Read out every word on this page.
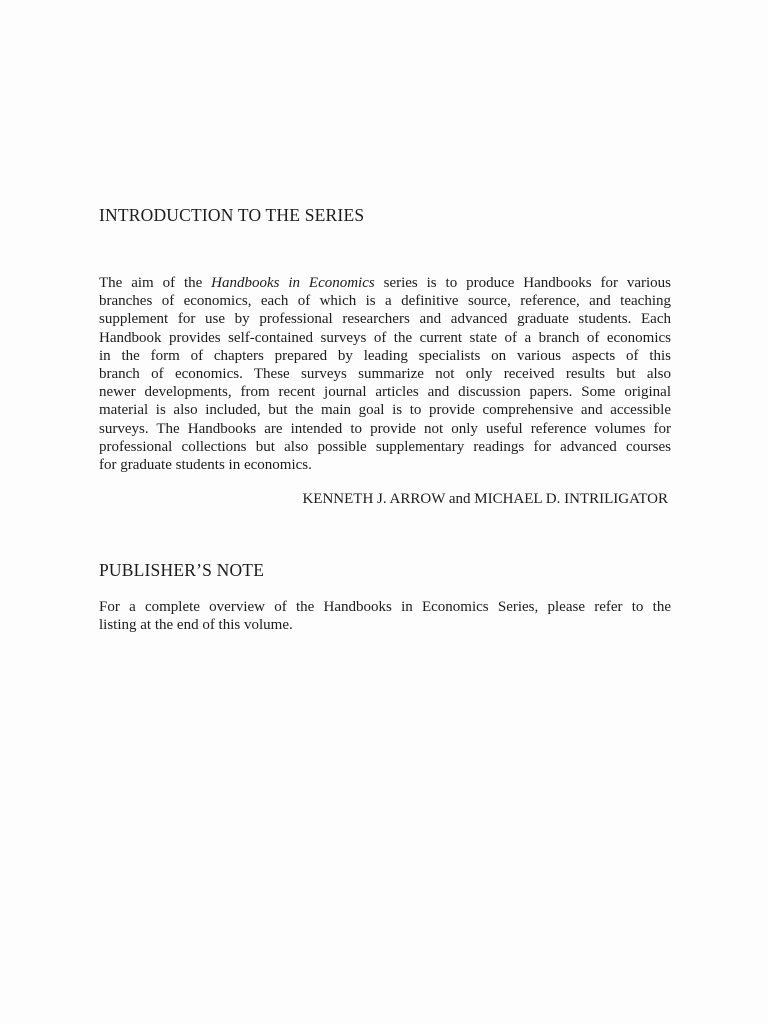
INTRODUCTION TO THE SERIES

The aim of the Handbooks in Economics series is to produce Handbooks for various
branches of economics, each of which is a definitive source, reference, and teaching
supplement for use by professional researchers and advanced graduate students. Each
Handbook provides self-contained surveys of the current state of a branch of economics
in the form of chapters prepared by leading specialists on various aspects of this
branch of economics. These surveys summarize not only received results but also
newer developments, from recent journal articles and discussion papers. Some original
material is also included, but the main goal is to provide comprehensive and accessible
surveys. The Handbooks are intended to provide not only useful reference volumes for
professional collections but also possible supplementary readings for advanced courses
for graduate students in economics.

KENNETH J. ARROW and MICHAEL D. INTRILIGATOR

PUBLISHER’S NOTE

For a complete overview of the Handbooks in Economics Series, please refer to the
listing at the end of this volume.
